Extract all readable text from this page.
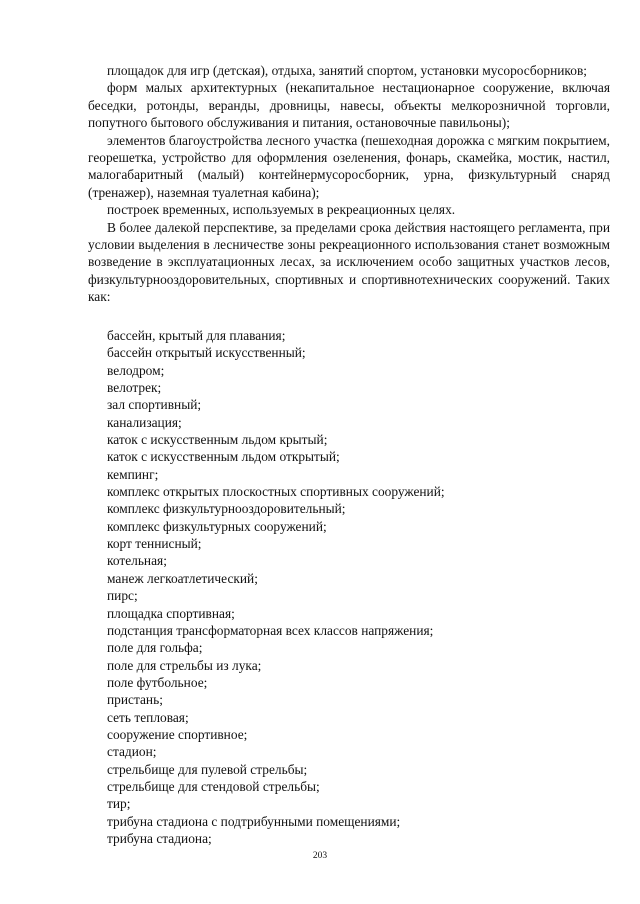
площадок для игр (детская), отдыха, занятий спортом, установки мусоросборников;

форм малых архитектурных (некапитальное нестационарное сооружение, включая беседки, ротонды, веранды, дровницы, навесы, объекты мелкорозничной торговли, попутного бытового обслуживания и питания, остановочные павильоны);

элементов благоустройства лесного участка (пешеходная дорожка с мягким покрытием, георешетка, устройство для оформления озеленения, фонарь, скамейка, мостик, настил, малогабаритный (малый) контейнермусоросборник, урна, физкультурный снаряд (тренажер), наземная туалетная кабина);

построек временных, используемых в рекреационных целях.

В более далекой перспективе, за пределами срока действия настоящего регламента, при условии выделения в лесничестве зоны рекреационного использования станет возможным возведение в эксплуатационных лесах, за исключением особо защитных участков лесов, физкультурнооздоровительных, спортивных и спортивнотехнических сооружений. Таких как:

бассейн, крытый для плавания;
бассейн открытый искусственный;
велодром;
велотрек;
зал спортивный;
канализация;
каток с искусственным льдом крытый;
каток с искусственным льдом открытый;
кемпинг;
комплекс открытых плоскостных спортивных сооружений;
комплекс физкультурнооздоровительный;
комплекс физкультурных сооружений;
корт теннисный;
котельная;
манеж легкоатлетический;
пирс;
площадка спортивная;
подстанция трансформаторная всех классов напряжения;
поле для гольфа;
поле для стрельбы из лука;
поле футбольное;
пристань;
сеть тепловая;
сооружение спортивное;
стадион;
стрельбище для пулевой стрельбы;
стрельбище для стендовой стрельбы;
тир;
трибуна стадиона с подтрибунными помещениями;
трибуна стадиона;
203
